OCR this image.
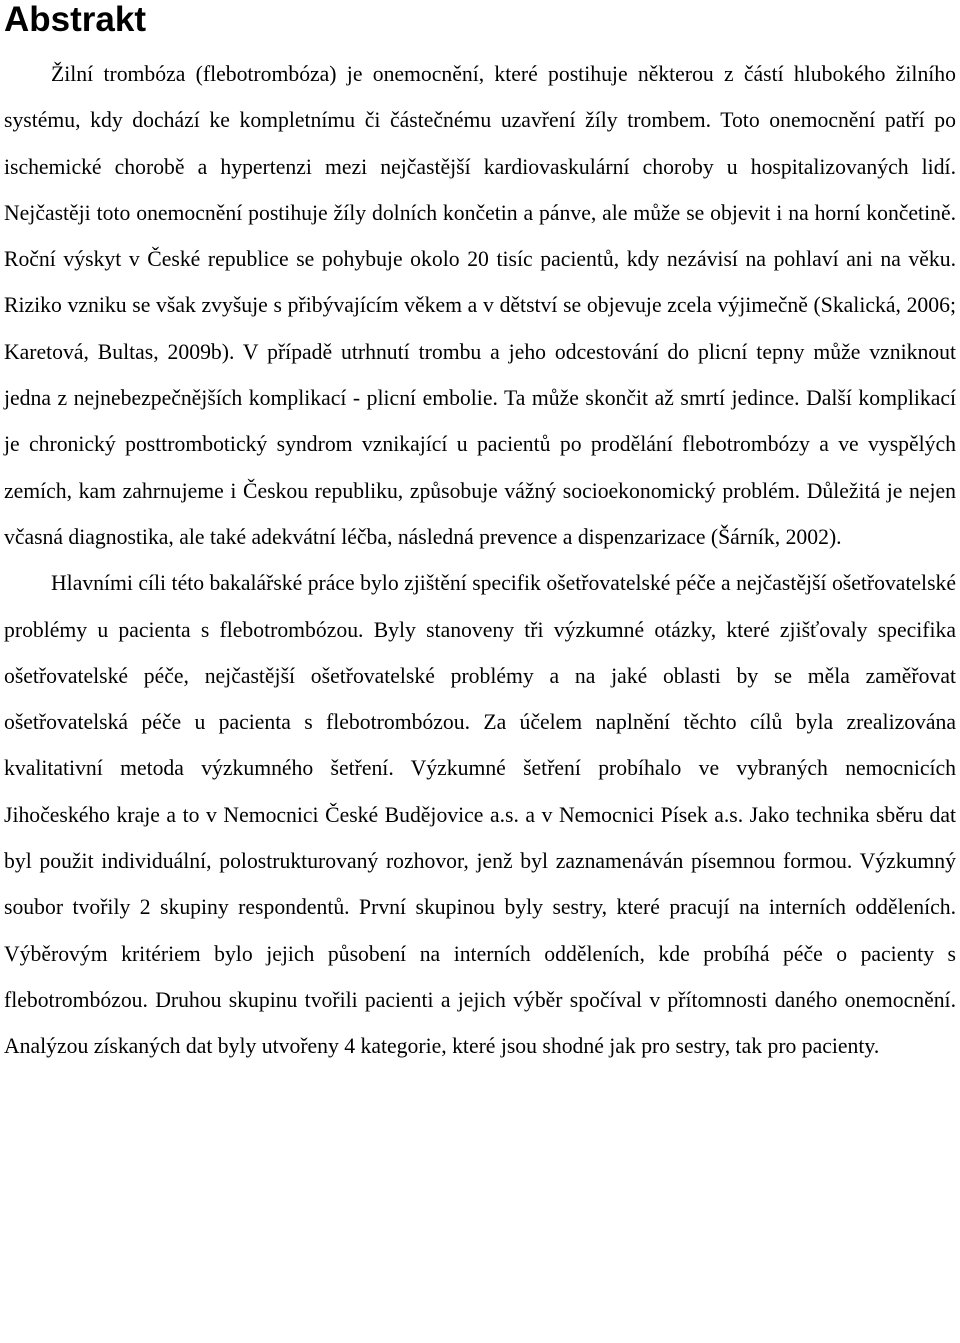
Abstrakt

Žilní trombóza (flebotrombóza) je onemocnění, které postihuje některou z částí hlubokého žilního systému, kdy dochází ke kompletnímu či částečnému uzavření žíly trombem. Toto onemocnění patří po ischemické chorobě a hypertenzi mezi nejčastější kardiovaskulární choroby u hospitalizovaných lidí. Nejčastěji toto onemocnění postihuje žíly dolních končetin a pánve, ale může se objevit i na horní končetině. Roční výskyt v České republice se pohybuje okolo 20 tisíc pacientů, kdy nezávisí na pohlaví ani na věku. Riziko vzniku se však zvyšuje s přibývajícím věkem a v dětství se objevuje zcela výjimečně (Skalická, 2006; Karetová, Bultas, 2009b). V případě utrhnutí trombu a jeho odcestování do plicní tepny může vzniknout jedna z nejnebezpečnějších komplikací - plicní embolie. Ta může skončit až smrtí jedince. Další komplikací je chronický posttrombotický syndrom vznikající u pacientů po prodělání flebotrombózy a ve vyspělých zemích, kam zahrnujeme i Českou republiku, způsobuje vážný socioekonomický problém. Důležitá je nejen včasná diagnostika, ale také adekvátní léčba, následná prevence a dispenzarizace (Šárník, 2002).

Hlavními cíli této bakalářské práce bylo zjištění specifik ošetřovatelské péče a nejčastější ošetřovatelské problémy u pacienta s flebotrombózou. Byly stanoveny tři výzkumné otázky, které zjišťovaly specifika ošetřovatelské péče, nejčastější ošetřovatelské problémy a na jaké oblasti by se měla zaměřovat ošetřovatelská péče u pacienta s flebotrombózou. Za účelem naplnění těchto cílů byla zrealizována kvalitativní metoda výzkumného šetření. Výzkumné šetření probíhalo ve vybraných nemocnicích Jihočeského kraje a to v Nemocnici České Budějovice a.s. a v Nemocnici Písek a.s. Jako technika sběru dat byl použit individuální, polostrukturovaný rozhovor, jenž byl zaznamenáván písemnou formou. Výzkumný soubor tvořily 2 skupiny respondentů. První skupinou byly sestry, které pracují na interních odděleních. Výběrovým kritériem bylo jejich působení na interních odděleních, kde probíhá péče o pacienty s flebotrombózou. Druhou skupinu tvořili pacienti a jejich výběr spočíval v přítomnosti daného onemocnění. Analýzou získaných dat byly utvořeny 4 kategorie, které jsou shodné jak pro sestry, tak pro pacienty.
